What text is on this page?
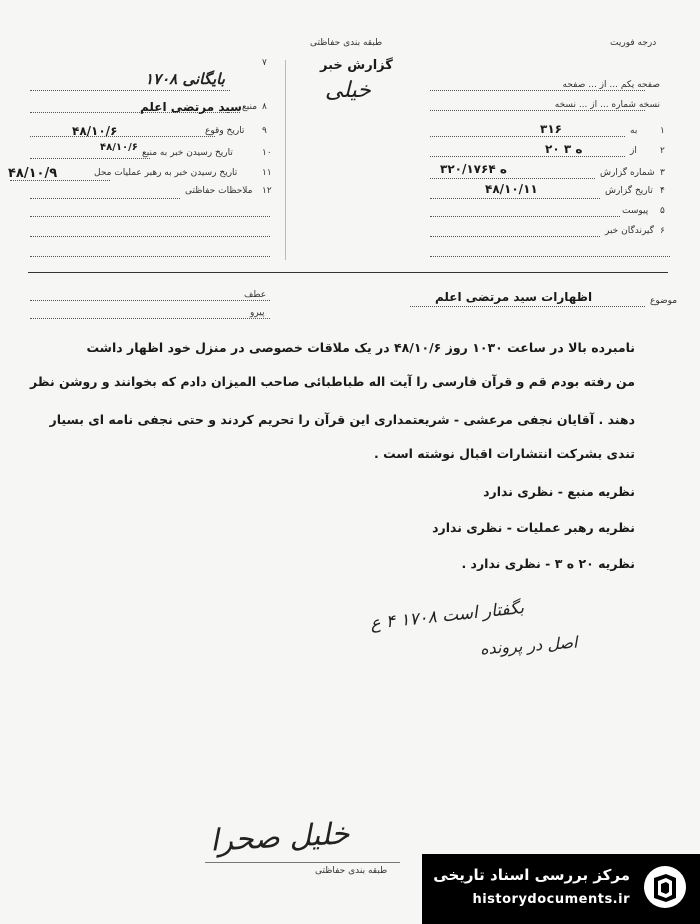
طبقه بندی حفاظتی
گزارش خبر
خیلی
درجه فوریت
۱۷۰۸ بایگانی
۷
سید مرتضی اعلم منبع ۸
۴۸/۱۰/۶	تاریخ وقوع ۹
۴۸/۱۰/۶ تاریخ رسیدن خبر به منبع	۱۰
۴۸/۱۰/۹	تاریخ رسیدن خبر به رهبر عملیات محل	۱۱
ملاحظات حفاظتی ۱۲
صفحه یکم ... از ... صفحه
نسخه شماره ... از ... نسخه
۳۱۶	به	۱
۲۰ ه ۳	از	۲
۳ه ۲۰/۱۷۶۴	شماره گزارش ۳
۴۸/۱۰/۱۱	تاریخ گزارش ۴
پیوست ۵
گیرندگان خبر ۶
عطف
پیرو
اظهارات سید مرتضی اعلم	موضوع
نامبرده بالا در ساعت ۱۰۳۰ روز ۴۸/۱۰/۶ در یک ملاقات خصوصی در منزل خود اظهار داشت
من رفته بودم قم و قرآن فارسی را آیت اله طباطبائی صاحب المیزان دادم که بخوانند و روشن نظر
دهند . آقایان نجفی مرعشی - شریعتمداری این قرآن را تحریم کردند و حتی نجفی نامه ای بسیار
تندی بشرکت انتشارات اقبال نوشته است .
نظریه منبع - نظری ندارد
نظریه رهبر عملیات - نظری ندارد
نظریه ۲۰ ه ۳ - نظری ندارد .
بگفتار است ۱۷۰۸ ۴ ع
اصل در پرونده
خلیل صحرا
طبقه بندی حفاظتی	مرکز بررسی اسناد تاریخی
historydocuments.ir
